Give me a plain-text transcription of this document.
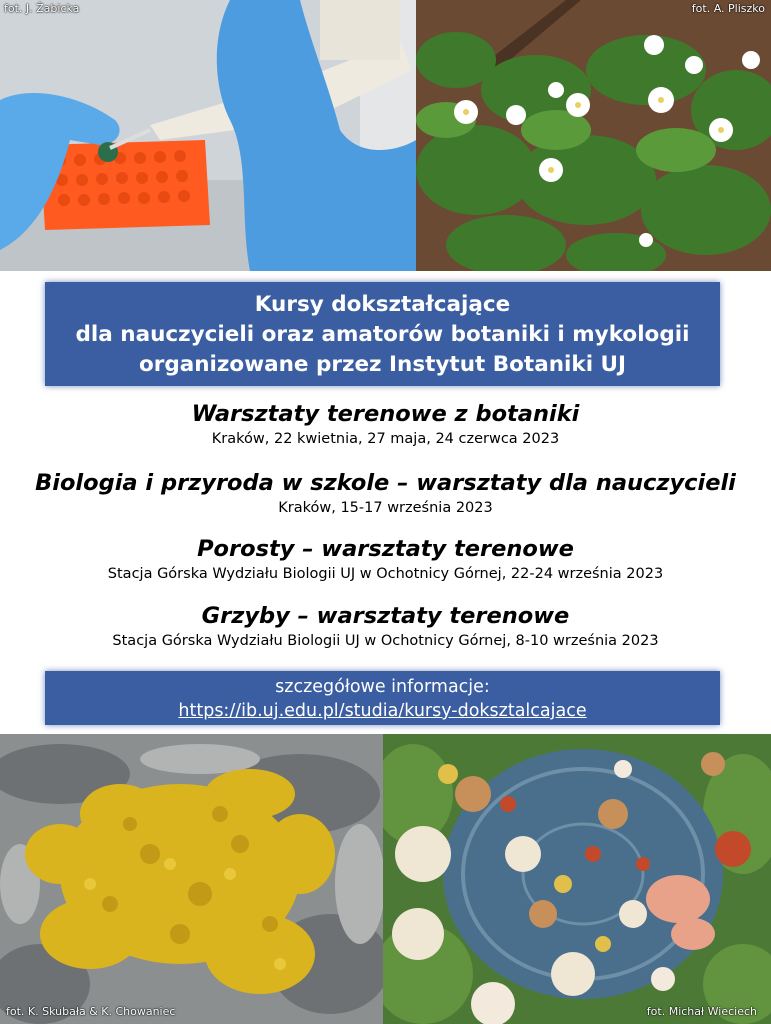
fot. J. Żabicka	fot. A. Pliszko
Kursy dokształcające
dla nauczycieli oraz amatorów botaniki i mykologii
organizowane przez Instytut Botaniki UJ
Warsztaty terenowe z botaniki
Kraków, 22 kwietnia, 27 maja, 24 czerwca 2023
Biologia i przyroda w szkole – warsztaty dla nauczycieli
Kraków, 15-17 września 2023
Porosty – warsztaty terenowe
Stacja Górska Wydziału Biologii UJ w Ochotnicy Górnej, 22-24 września 2023
Grzyby – warsztaty terenowe
Stacja Górska Wydziału Biologii UJ w Ochotnicy Górnej, 8-10 września 2023
szczegółowe informacje:
https://ib.uj.edu.pl/studia/kursy-doksztalcajace
fot. K. Skubała & K. Chowaniec	fot. Michał Wieciech
